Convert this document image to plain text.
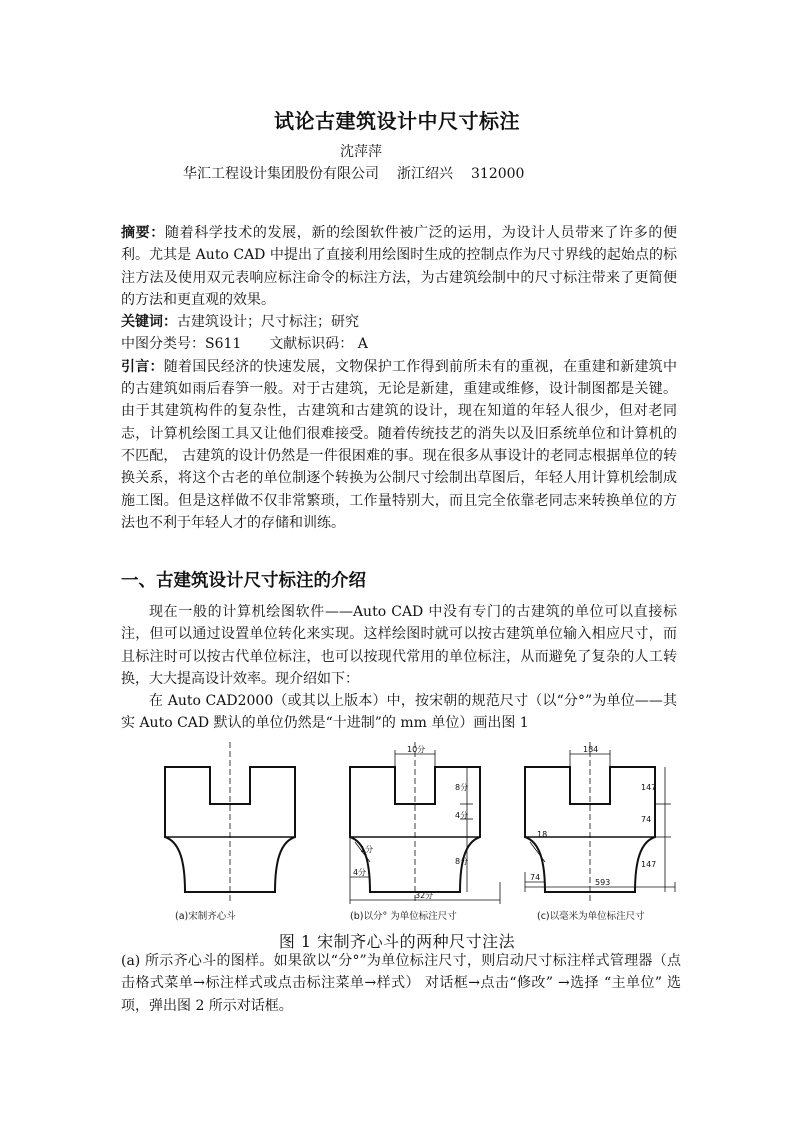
试论古建筑设计中尺寸标注
沈萍萍
华汇工程设计集团股份有限公司 浙江绍兴 312000

摘要：随着科学技术的发展，新的绘图软件被广泛的运用，为设计人员带来了许多的便利。尤其是 Auto CAD 中提出了直接利用绘图时生成的控制点作为尺寸界线的起始点的标注方法及使用双元表响应标注命令的标注方法，为古建筑绘制中的尺寸标注带来了更简便的方法和更直观的效果。

关键词：古建筑设计；尺寸标注；研究

中图分类号：S611 文献标识码： A

引言：随着国民经济的快速发展，文物保护工作得到前所未有的重视，在重建和新建筑中的古建筑如雨后春笋一般。对于古建筑，无论是新建，重建或维修，设计制图都是关键。由于其建筑构件的复杂性，古建筑和古建筑的设计，现在知道的年轻人很少，但对老同志，计算机绘图工具又让他们很难接受。随着传统技艺的消失以及旧系统单位和计算机的不匹配， 古建筑的设计仍然是一件很困难的事。现在很多从事设计的老同志根据单位的转换关系，将这个古老的单位制逐个转换为公制尺寸绘制出草图后，年轻人用计算机绘制成施工图。但是这样做不仅非常繁琐，工作量特别大，而且完全依靠老同志来转换单位的方法也不利于年轻人才的存储和训练。

一、古建筑设计尺寸标注的介绍

现在一般的计算机绘图软件——Auto CAD 中没有专门的古建筑的单位可以直接标注，但可以通过设置单位转化来实现。这样绘图时就可以按古建筑单位输入相应尺寸，而且标注时可以按古代单位标注，也可以按现代常用的单位标注，从而避免了复杂的人工转换，大大提高设计效率。现介绍如下：

在 Auto CAD2000（或其以上版本）中，按宋朝的规范尺寸（以“分°”为单位——其实 Auto CAD 默认的单位仍然是“十进制”的 mm 单位）画出图 1

10分
8分
4分
8分
1分
4分
32分
184
147
74
147
18
74
593
(a)宋制齐心斗	(b)以分° 为单位标注尺寸	(c)以毫米为单位标注尺寸
图 1 宋制齐心斗的两种尺寸注法
(a) 所示齐心斗的图样。如果欲以“分°”为单位标注尺寸，则启动尺寸标注样式管理器（点击格式菜单→标注样式或点击标注菜单→样式） 对话框→点击“修改” →选择 “主单位” 选项，弹出图 2 所示对话框。
